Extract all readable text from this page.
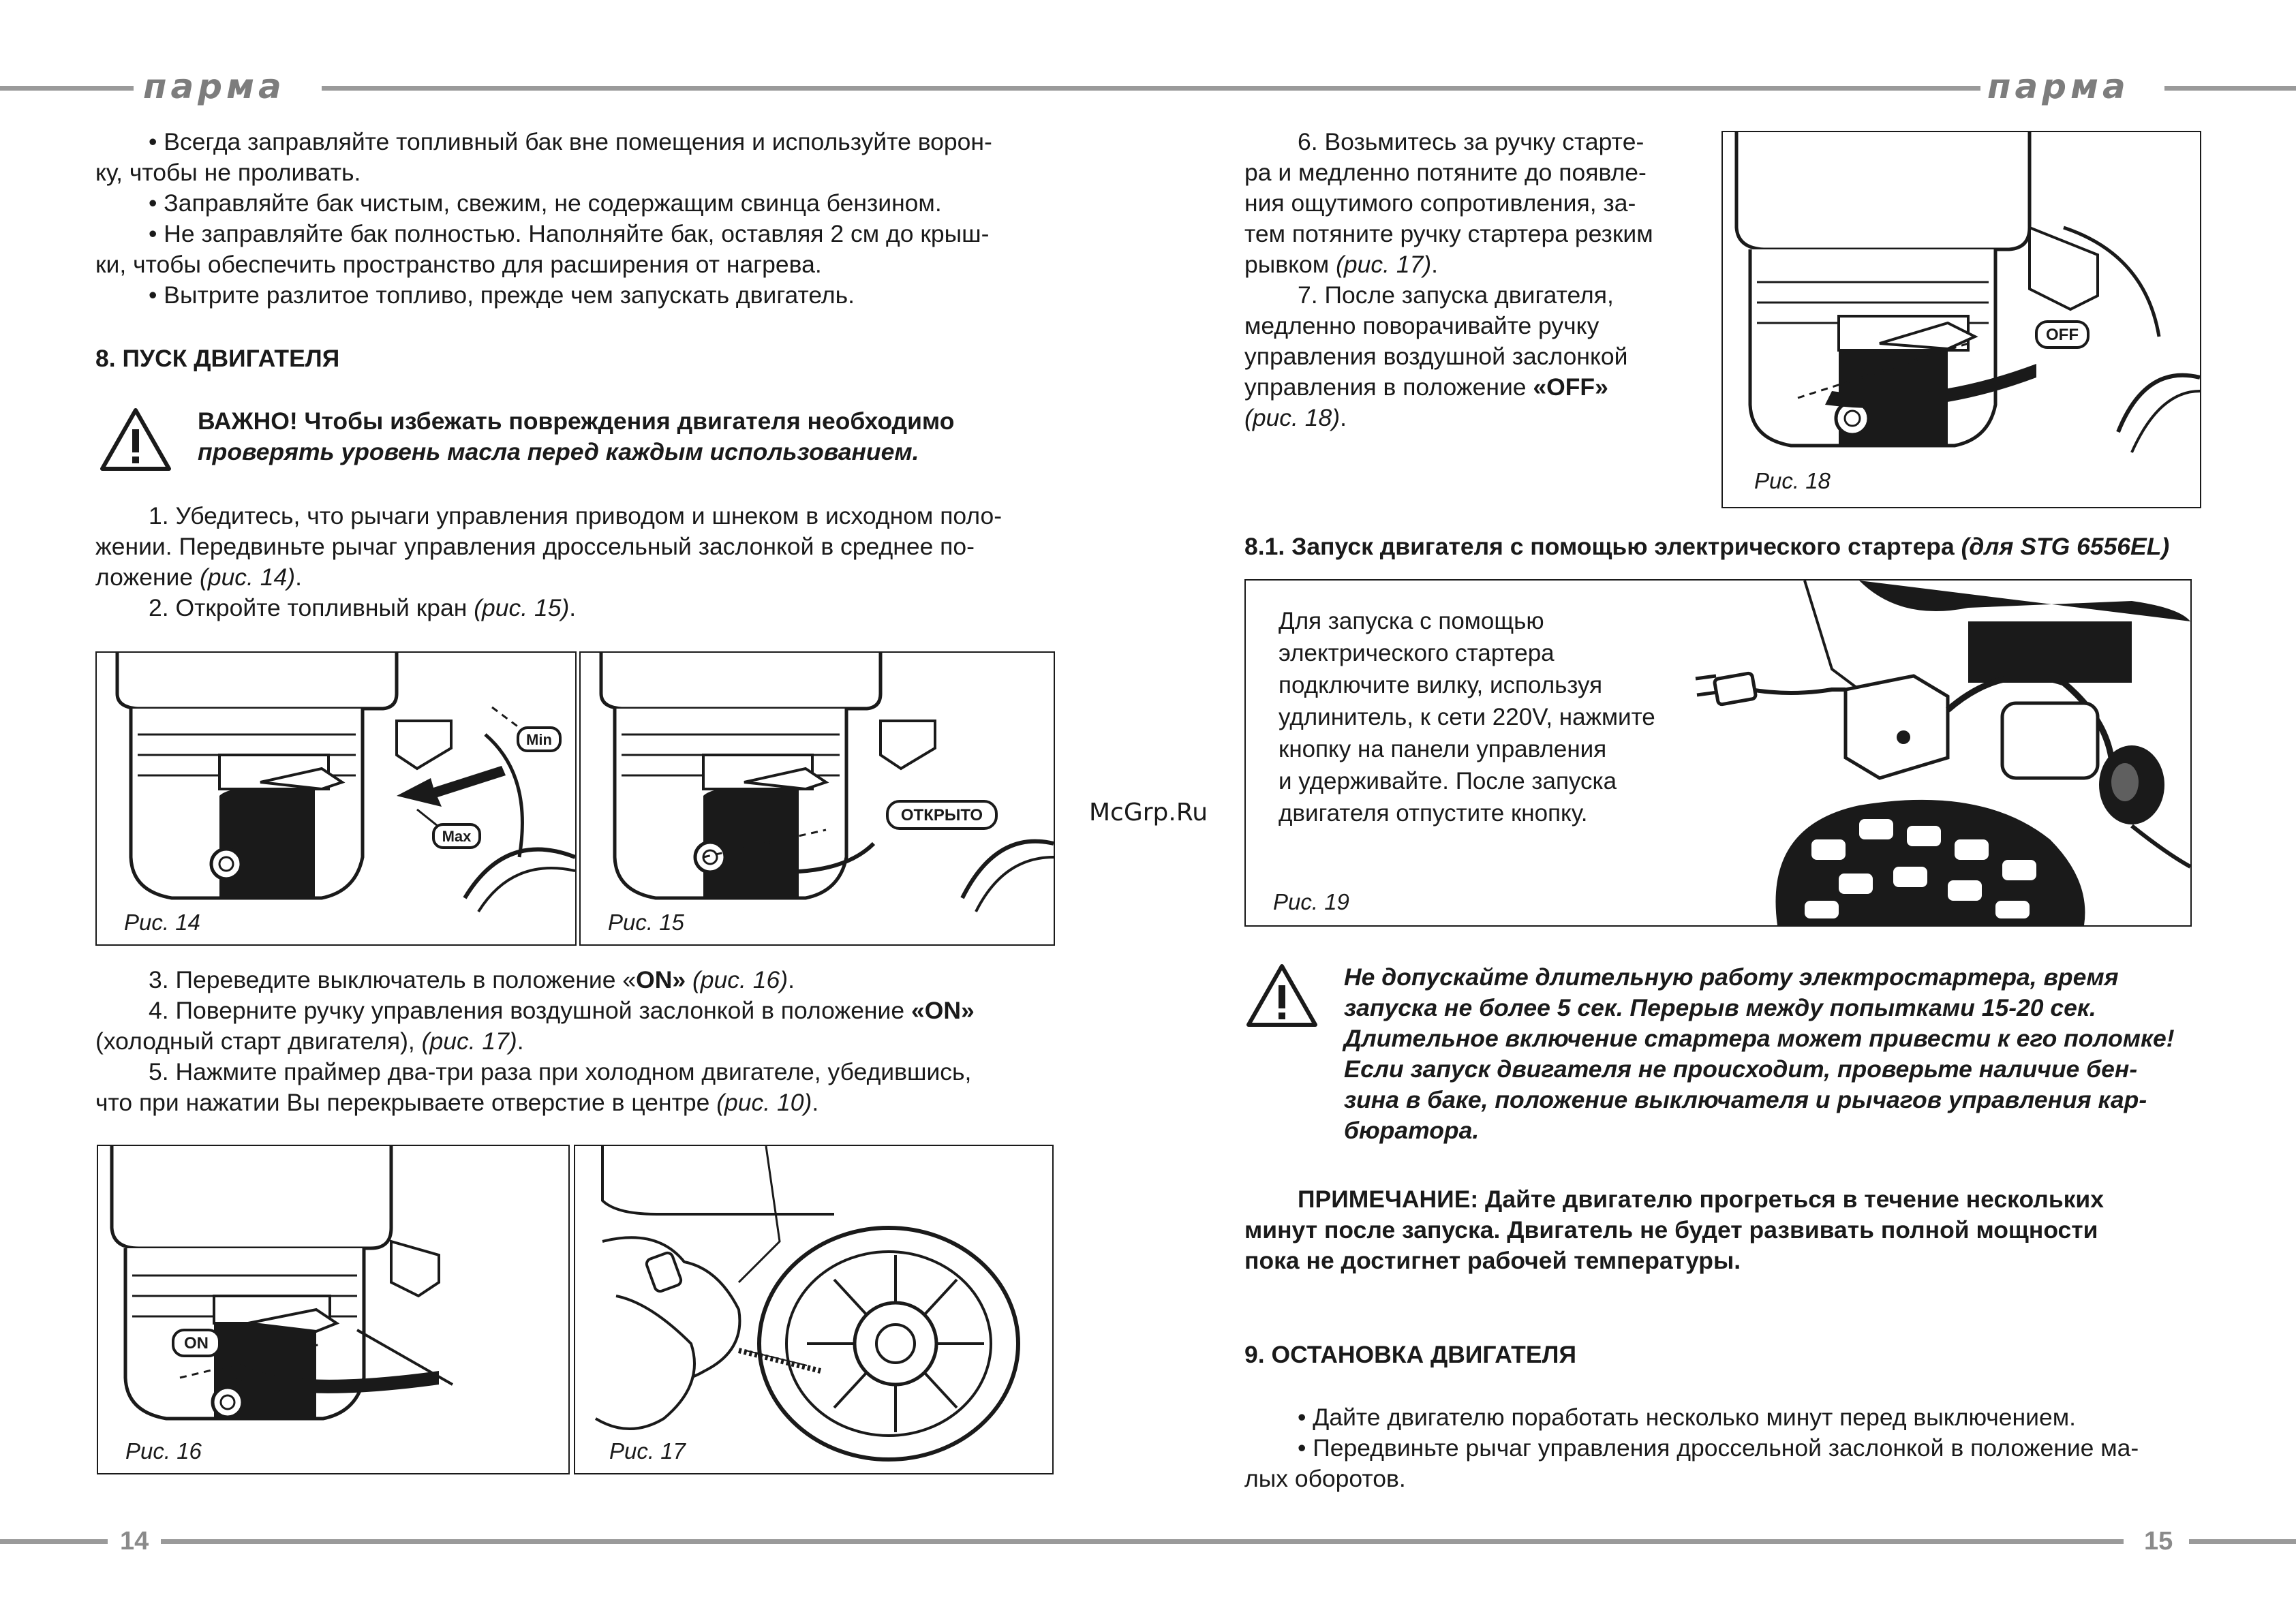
парма

• Всегда заправляйте топливный бак вне помещения и используйте ворон-

ку, чтобы не проливать.

• Заправляйте бак чистым, свежим, не содержащим свинца бензином.

• Не заправляйте бак полностью. Наполняйте бак, оставляя 2 см до крыш-

ки, чтобы обеспечить пространство для расширения от нагрева.

• Вытрите разлитое топливо, прежде чем запускать двигатель.

8. ПУСК ДВИГАТЕЛЯ
ВАЖНО! Чтобы избежать повреждения двигателя необходимо
проверять уровень масла перед каждым использованием.

1. Убедитесь, что рычаги управления приводом и шнеком в исходном поло-

жении. Передвиньте рычаг управления дроссельный заслонкой в среднее по-

ложение (рис. 14).

2. Откройте топливный кран (рис. 15).

Min
Max
Рис. 14
ОТКРЫТО
Рис. 15

3. Переведите выключатель в положение «ON» (рис. 16).

4. Поверните ручку управления воздушной заслонкой в положение «ON»

(холодный старт двигателя), (рис. 17).

5. Нажмите праймер два-три раза при холодном двигателе, убедившись,

что при нажатии Вы перекрываете отверстие в центре (рис. 10).

ON
Рис. 16	Рис. 17
14
McGrp.Ru
парма

6. Возьмитесь за ручку стартe-

ра и медленно потяните до появле-

ния ощутимого сопротивления, за-

тем потяните ручку стартера резким

рывком (рис. 17).

7. После запуска двигателя,

медленно поворачивайте ручку

управления воздушной заслонкой

управления в положение «OFF»

(рис. 18).

OFF
Рис. 18
8.1. Запуск двигателя с помощью электрического стартера (для STG 6556EL)
Для запуска с помощью
электрического стартера
подключите вилку, используя
удлинитель, к сети 220V, нажмите
кнопку на панели управления
и удерживайте. После запуска
двигателя отпустите кнопку.
Рис. 19
Не допускайте длительную работу электростартера, время
запуска не более 5 сек. Перерыв между попытками 15-20 сек.
Длительное включение стартера может привести к его поломке!
Если запуск двигателя не происходит, проверьте наличие бен-
зина в баке, положение выключателя и рычагов управления кар-
бюратора.

ПРИМЕЧАНИЕ: Дайте двигателю прогреться в течение нескольких

минут после запуска. Двигатель не будет развивать полной мощности

пока не достигнет рабочей температуры.

9. ОСТАНОВКА ДВИГАТЕЛЯ

• Дайте двигателю поработать несколько минут перед выключением.

• Передвиньте рычаг управления дроссельной заслонкой в положение ма-

лых оборотов.

15
